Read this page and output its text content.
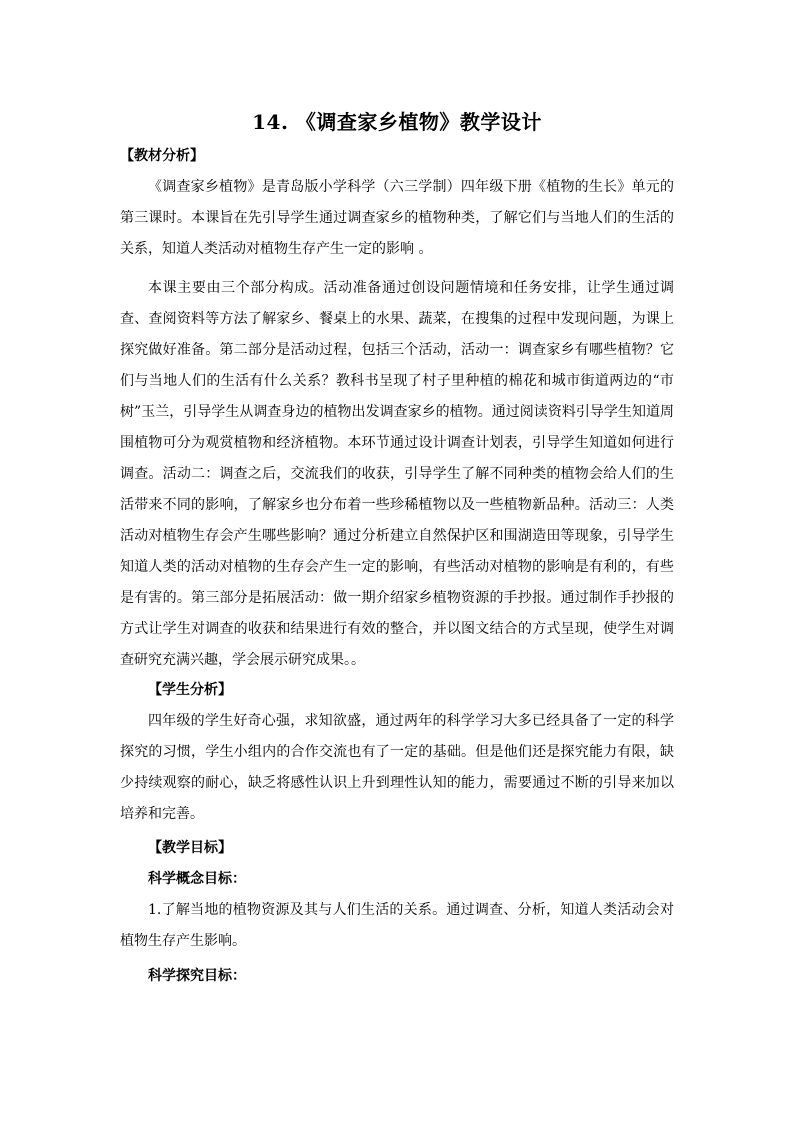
14. 《调查家乡植物》教学设计
【教材分析】

《调查家乡植物》是青岛版小学科学（六三学制）四年级下册《植物的生长》单元的第三课时。本课旨在先引导学生通过调查家乡的植物种类，了解它们与当地人们的生活的关系，知道人类活动对植物生存产生一定的影响 。

本课主要由三个部分构成。活动准备通过创设问题情境和任务安排，让学生通过调查、查阅资料等方法了解家乡、餐桌上的水果、蔬菜，在搜集的过程中发现问题，为课上探究做好准备。第二部分是活动过程，包括三个活动，活动一：调查家乡有哪些植物？它们与当地人们的生活有什么关系？教科书呈现了村子里种植的棉花和城市街道两边的“市树”玉兰，引导学生从调查身边的植物出发调查家乡的植物。通过阅读资料引导学生知道周围植物可分为观赏植物和经济植物。本环节通过设计调查计划表，引导学生知道如何进行调查。活动二：调查之后，交流我们的收获，引导学生了解不同种类的植物会给人们的生活带来不同的影响，了解家乡也分布着一些珍稀植物以及一些植物新品种。活动三：人类活动对植物生存会产生哪些影响？通过分析建立自然保护区和围湖造田等现象，引导学生知道人类的活动对植物的生存会产生一定的影响，有些活动对植物的影响是有利的，有些是有害的。第三部分是拓展活动：做一期介绍家乡植物资源的手抄报。通过制作手抄报的方式让学生对调查的收获和结果进行有效的整合，并以图文结合的方式呈现，使学生对调查研究充满兴趣，学会展示研究成果。。

【学生分析】

四年级的学生好奇心强，求知欲盛，通过两年的科学学习大多已经具备了一定的科学探究的习惯，学生小组内的合作交流也有了一定的基础。但是他们还是探究能力有限，缺少持续观察的耐心，缺乏将感性认识上升到理性认知的能力，需要通过不断的引导来加以培养和完善。

【教学目标】
科学概念目标：

1.了解当地的植物资源及其与人们生活的关系。通过调查、分析，知道人类活动会对植物生存产生影响。

科学探究目标：
